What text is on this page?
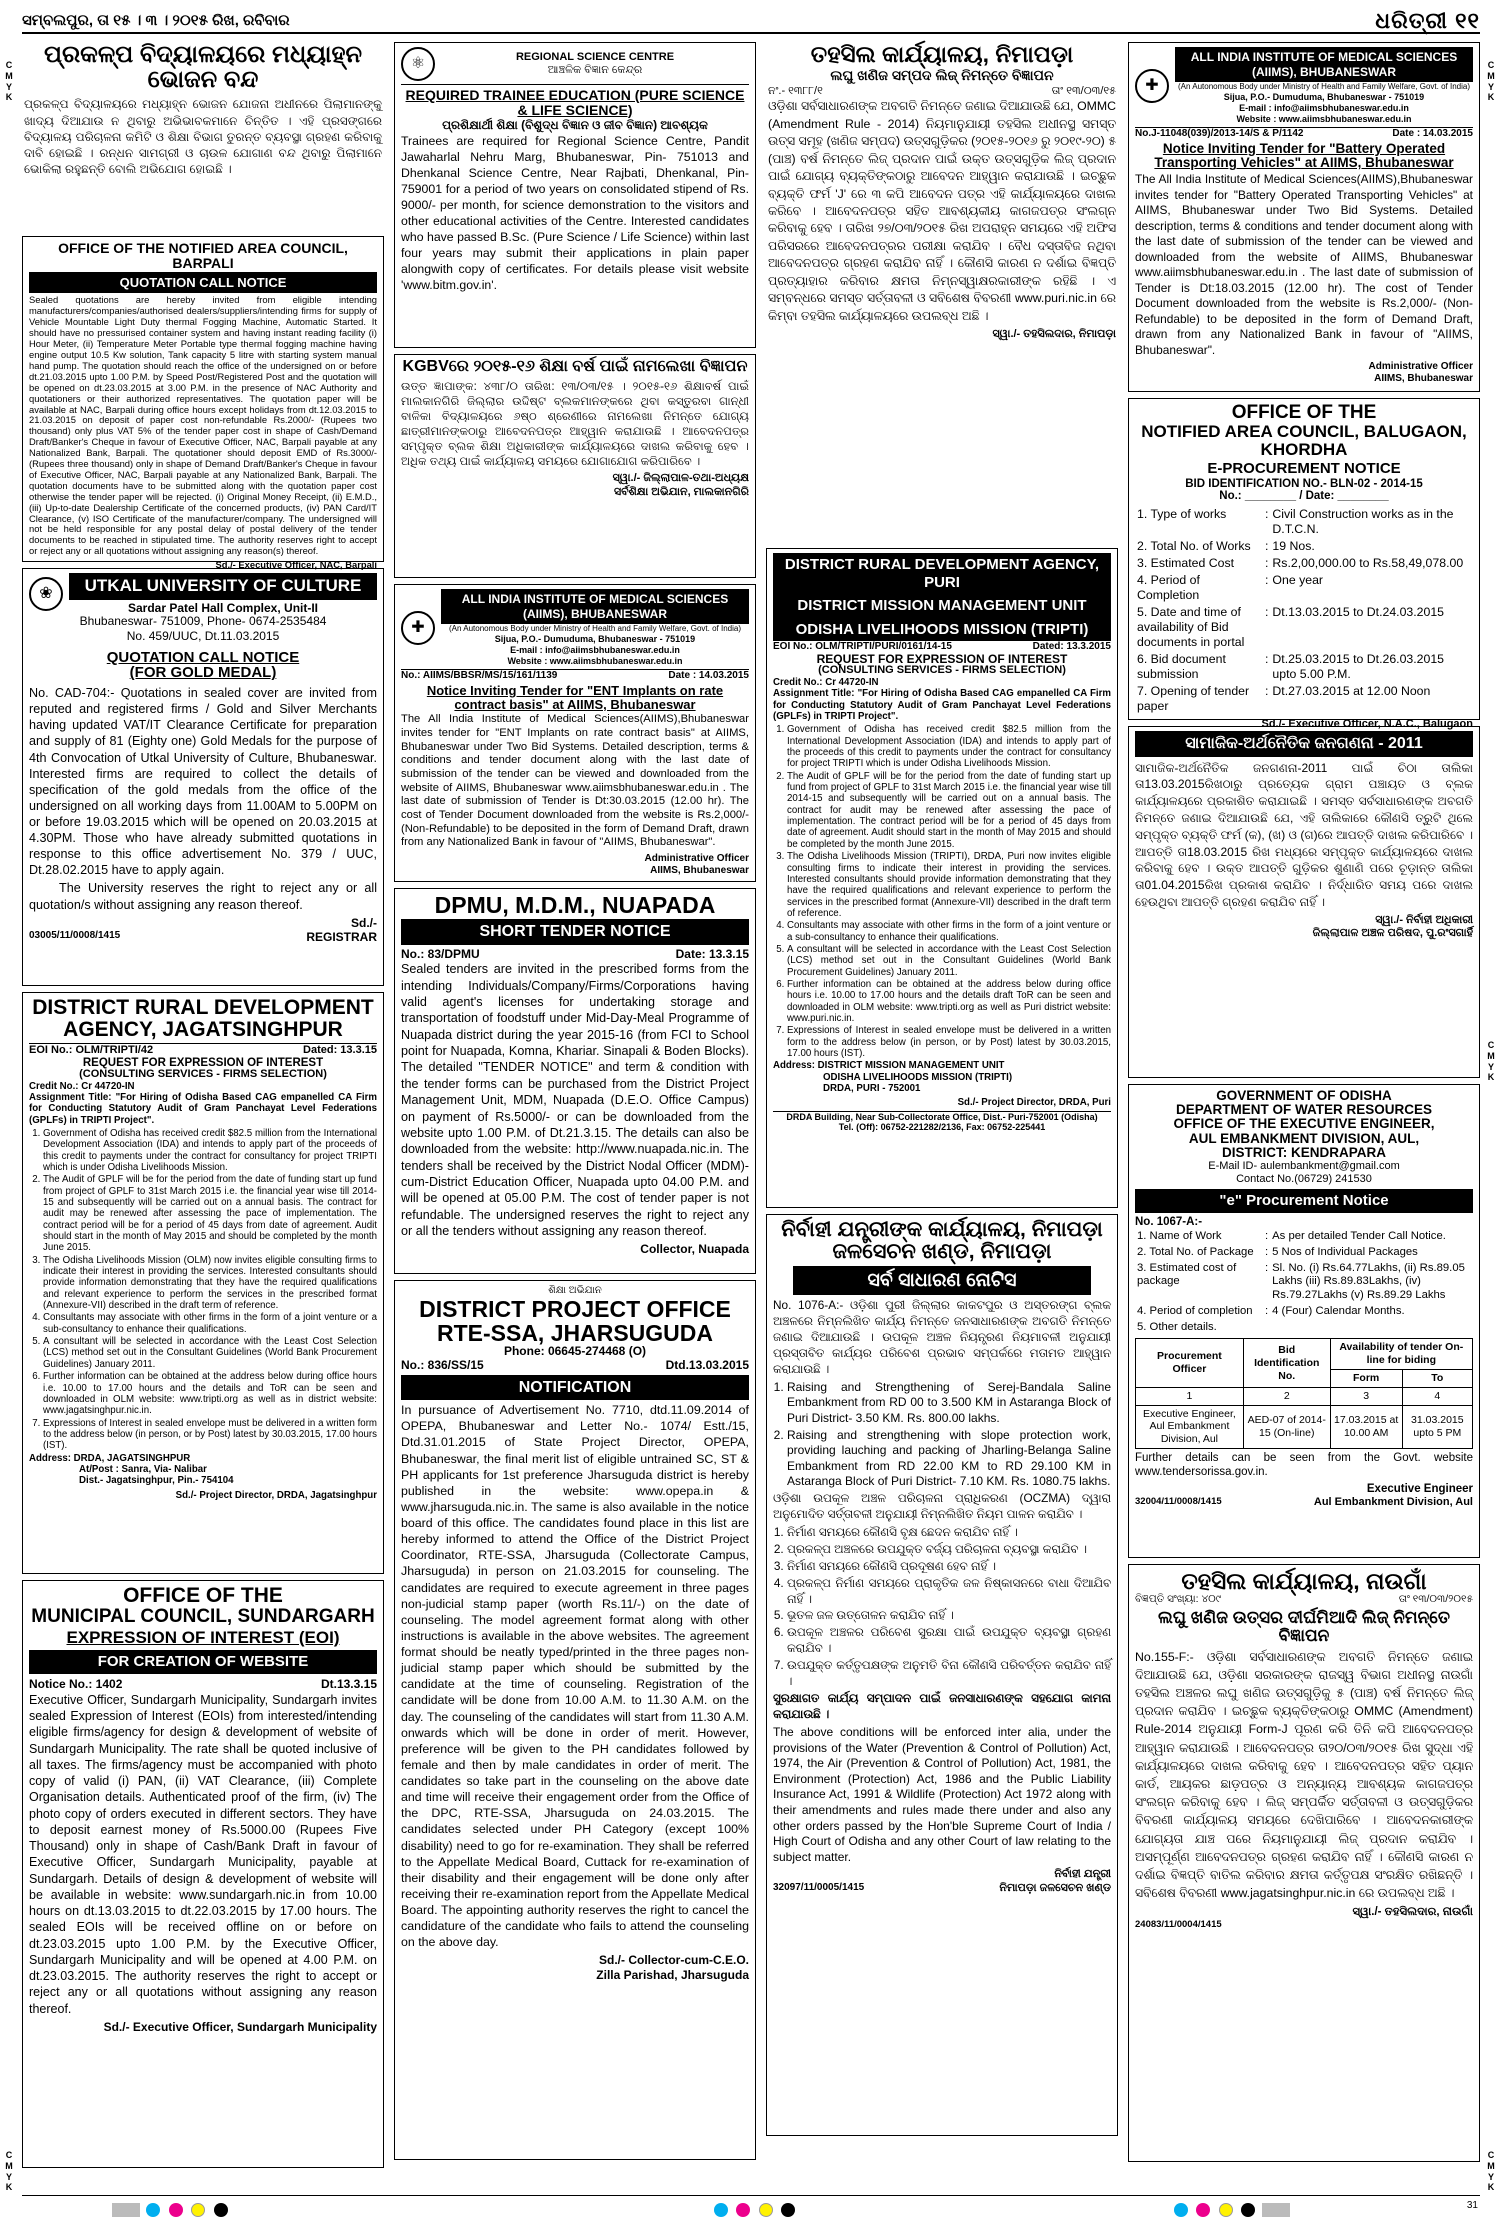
C
M
Y
K
C
M
Y
K
C
M
Y
K
C
M
Y
K
C
M
Y
K
ସମ୍ବଲପୁର, ତା ୧୫ । ୩ । ୨୦୧୫ ରିଖ, ରବିବାର	ଧରିତ୍ରୀ ୧୧
ପ୍ରକଳ୍ପ ବିଦ୍ୟାଳୟରେ ମଧ୍ୟାହ୍ନ ଭୋଜନ ବନ୍ଦ

ପ୍ରକଳ୍ପ ବିଦ୍ୟାଳୟରେ ମଧ୍ୟାହ୍ନ ଭୋଜନ ଯୋଜନା ଅଧୀନରେ ପିଲାମାନଙ୍କୁ ଖାଦ୍ୟ ଦିଆଯାଉ ନ ଥିବାରୁ ଅଭିଭାବକମାନେ ଚିନ୍ତିତ । ଏହି ପ୍ରସଙ୍ଗରେ ବିଦ୍ୟାଳୟ ପରିଚାଳନା କମିଟି ଓ ଶିକ୍ଷା ବିଭାଗ ତୁରନ୍ତ ବ୍ୟବସ୍ଥା ଗ୍ରହଣ କରିବାକୁ ଦାବି ହୋଇଛି । ରନ୍ଧନ ସାମଗ୍ରୀ ଓ ଚାଉଳ ଯୋଗାଣ ବନ୍ଦ ଥିବାରୁ ପିଲାମାନେ ଭୋକିଲା ରହୁଛନ୍ତି ବୋଲି ଅଭିଯୋଗ ହୋଇଛି ।

OFFICE OF THE NOTIFIED AREA COUNCIL, BARPALI
QUOTATION CALL NOTICE

Sealed quotations are hereby invited from eligible intending manufacturers/companies/authorised dealers/suppliers/intending firms for supply of Vehicle Mountable Light Duty thermal Fogging Machine, Automatic Started. It should have no pressurised container system and having instant reading facility (i) Hour Meter, (ii) Temperature Meter Portable type thermal fogging machine having engine output 10.5 Kw solution, Tank capacity 5 litre with starting system manual hand pump. The quotation should reach the office of the undersigned on or before dt.21.03.2015 upto 1.00 P.M. by Speed Post/Registered Post and the quotation will be opened on dt.23.03.2015 at 3.00 P.M. in the presence of NAC Authority and quotationers or their authorized representatives. The quotation paper will be available at NAC, Barpali during office hours except holidays from dt.12.03.2015 to 21.03.2015 on deposit of paper cost non-refundable Rs.2000/- (Rupees two thousand) only plus VAT 5% of the tender paper cost in shape of Cash/Demand Draft/Banker's Cheque in favour of Executive Officer, NAC, Barpali payable at any Nationalized Bank, Barpali. The quotationer should deposit EMD of Rs.3000/- (Rupees three thousand) only in shape of Demand Draft/Banker's Cheque in favour of Executive Officer, NAC, Barpali payable at any Nationalized Bank, Barpali. The quotation documents have to be submitted along with the quotation paper cost otherwise the tender paper will be rejected. (i) Original Money Receipt, (ii) E.M.D., (iii) Up-to-date Dealership Certificate of the concerned products, (iv) PAN Card/IT Clearance, (v) ISO Certificate of the manufacturer/company. The undersigned will not be held responsible for any postal delay of postal delivery of the tender documents to be reached in stipulated time. The authority reserves right to accept or reject any or all quotations without assigning any reason(s) thereof.

Sd./- Executive Officer, NAC, Barpali
❀	UTKAL UNIVERSITY OF CULTURE
Sardar Patel Hall Complex, Unit-II
Bhubaneswar- 751009, Phone- 0674-2535484
No. 459/UUC, Dt.11.03.2015
QUOTATION CALL NOTICE
(FOR GOLD MEDAL)

No. CAD-704:- Quotations in sealed cover are invited from reputed and registered firms / Gold and Silver Merchants having updated VAT/IT Clearance Certificate for preparation and supply of 81 (Eighty one) Gold Medals for the purpose of 4th Convocation of Utkal University of Culture, Bhubaneswar. Interested firms are required to collect the details of specification of the gold medals from the office of the undersigned on all working days from 11.00AM to 5.00PM on or before 19.03.2015 which will be opened on 20.03.2015 at 4.30PM. Those who have already submitted quotations in response to this office advertisement No. 379 / UUC, Dt.28.02.2015 have to apply again.

The University reserves the right to reject any or all quotation/s without assigning any reason thereof.

Sd./-
03005/11/0008/1415	REGISTRAR
DISTRICT RURAL DEVELOPMENT
AGENCY, JAGATSINGHPUR
EOI No.: OLM/TRIPTI/42	Dated: 13.3.15
REQUEST FOR EXPRESSION OF INTEREST
(CONSULTING SERVICES - FIRMS SELECTION)
Credit No.: Cr 44720-IN

Assignment Title: "For Hiring of Odisha Based CAG empanelled CA Firm for Conducting Statutory Audit of Gram Panchayat Level Federations (GPLFs) in TRIPTI Project".

1. Government of Odisha has received credit $82.5 million from the International Development Association (IDA) and intends to apply part of the proceeds of this credit to payments under the contract for consultancy for project TRIPTI which is under Odisha Livelihoods Mission.
2. The Audit of GPLF will be for the period from the date of funding start up fund from project of GPLF to 31st March 2015 i.e. the financial year wise till 2014-15 and subsequently will be carried out on a annual basis. The contract for audit may be renewed after assessing the pace of implementation. The contract period will be for a period of 45 days from date of agreement. Audit should start in the month of May 2015 and should be completed by the month June 2015.
3. The Odisha Livelihoods Mission (OLM) now invites eligible consulting firms to indicate their interest in providing the services. Interested consultants should provide information demonstrating that they have the required qualifications and relevant experience to perform the services in the prescribed format (Annexure-VII) described in the draft term of reference.
4. Consultants may associate with other firms in the form of a joint venture or a sub-consultancy to enhance their qualifications.
5. A consultant will be selected in accordance with the Least Cost Selection (LCS) method set out in the Consultant Guidelines (World Bank Procurement Guidelines) January 2011.
6. Further information can be obtained at the address below during office hours i.e. 10.00 to 17.00 hours and the details and ToR can be seen and downloaded in OLM website: www.tripti.org as well as in district website: www.jagatsinghpur.nic.in.
7. Expressions of Interest in sealed envelope must be delivered in a written form to the address below (in person, or by Post) latest by 30.03.2015, 17.00 hours (IST).
Address: DRDA, JAGATSINGHPUR
At/Post : Sanra, Via- Nalibar
Dist.- Jagatsinghpur, Pin.- 754104
Sd./- Project Director, DRDA, Jagatsinghpur
OFFICE OF THE
MUNICIPAL COUNCIL, SUNDARGARH
EXPRESSION OF INTEREST (EOI)
FOR CREATION OF WEBSITE
Notice No.: 1402	Dt.13.3.15

Executive Officer, Sundargarh Municipality, Sundargarh invites sealed Expression of Interest (EOIs) from interested/intending eligible firms/agency for design & development of website of Sundargarh Municipality. The rate shall be quoted inclusive of all taxes. The firms/agency must be accompanied with photo copy of valid (i) PAN, (ii) VAT Clearance, (iii) Complete Organisation details. Authenticated proof of the firm, (iv) The photo copy of orders executed in different sectors. They have to deposit earnest money of Rs.5000.00 (Rupees Five Thousand) only in shape of Cash/Bank Draft in favour of Executive Officer, Sundargarh Municipality, payable at Sundargarh. Details of design & development of website will be available in website: www.sundargarh.nic.in from 10.00 hours on dt.13.03.2015 to dt.22.03.2015 by 17.00 hours. The sealed EOIs will be received offline on or before on dt.23.03.2015 upto 1.00 P.M. by the Executive Officer, Sundargarh Municipality and will be opened at 4.00 P.M. on dt.23.03.2015. The authority reserves the right to accept or reject any or all quotations without assigning any reason thereof.

Sd./- Executive Officer, Sundargarh Municipality
⚛	REGIONAL SCIENCE CENTRE
ଆଞ୍ଚଳିକ ବିଜ୍ଞାନ କେନ୍ଦ୍ର
REQUIRED TRAINEE EDUCATION (PURE SCIENCE & LIFE SCIENCE)
ପ୍ରଶିକ୍ଷାର୍ଥୀ ଶିକ୍ଷା (ବିଶୁଦ୍ଧ ବିଜ୍ଞାନ ଓ ଜୀବ ବିଜ୍ଞାନ) ଆବଶ୍ୟକ

Trainees are required for Regional Science Centre, Pandit Jawaharlal Nehru Marg, Bhubaneswar, Pin- 751013 and Dhenkanal Science Centre, Near Rajbati, Dhenkanal, Pin- 759001 for a period of two years on consolidated stipend of Rs. 9000/- per month, for science demonstration to the visitors and other educational activities of the Centre. Interested candidates who have passed B.Sc. (Pure Science / Life Science) within last four years may submit their applications in plain paper alongwith copy of certificates. For details please visit website 'www.bitm.gov.in'.

KGBVରେ ୨୦୧୫-୧୬ ଶିକ୍ଷା ବର୍ଷ ପାଇଁ ନାମଲେଖା ବିଜ୍ଞାପନ

ଉତ୍ତ ଜ୍ଞାପାଙ୍କ: ୪୩୮/୦ ତାରିଖ: ୧୩/୦୩/୧୫ । ୨୦୧୫-୧୬ ଶିକ୍ଷାବର୍ଷ ପାଇଁ ମାଲକାନଗିରି ଜିଲ୍ଲାର ଉଦ୍ଦିଷ୍ଟ ବ୍ଲକମାନଙ୍କରେ ଥିବା କସ୍ତୁରବା ଗାନ୍ଧୀ ବାଳିକା ବିଦ୍ୟାଳୟରେ ୬ଷ୍ଠ ଶ୍ରେଣୀରେ ନାମଲେଖା ନିମନ୍ତେ ଯୋଗ୍ୟ ଛାତ୍ରୀମାନଙ୍କଠାରୁ ଆବେଦନପତ୍ର ଆହ୍ୱାନ କରାଯାଉଛି । ଆବେଦନପତ୍ର ସମ୍ପୃକ୍ତ ବ୍ଲକ ଶିକ୍ଷା ଅଧିକାରୀଙ୍କ କାର୍ଯ୍ୟାଳୟରେ ଦାଖଲ କରିବାକୁ ହେବ । ଅଧିକ ତଥ୍ୟ ପାଇଁ କାର୍ଯ୍ୟାଳୟ ସମୟରେ ଯୋଗାଯୋଗ କରିପାରିବେ ।

ସ୍ୱା./- ଜିଲ୍ଲାପାଳ-ତଥା-ଅଧ୍ୟକ୍ଷ
ସର୍ବଶିକ୍ଷା ଅଭିଯାନ, ମାଲକାନଗିରି
✚
ALL INDIA INSTITUTE OF MEDICAL SCIENCES (AIIMS), BHUBANESWAR
(An Autonomous Body under Ministry of Health and Family Welfare, Govt. of India)
Sijua, P.O.- Dumuduma, Bhubaneswar - 751019
E-mail : info@aiimsbhubaneswar.edu.in
Website : www.aiimsbhubaneswar.edu.in
No.: AIIMS/BBSR/MS/15/161/1139	Date : 14.03.2015
Notice Inviting Tender for "ENT Implants on rate contract basis" at AIIMS, Bhubaneswar

The All India Institute of Medical Sciences(AIIMS),Bhubaneswar invites tender for "ENT Implants on rate contract basis" at AIIMS, Bhubaneswar under Two Bid Systems. Detailed description, terms & conditions and tender document along with the last date of submission of the tender can be viewed and downloaded from the website of AIIMS, Bhubaneswar www.aiimsbhubaneswar.edu.in . The last date of submission of Tender is Dt:30.03.2015 (12.00 hr). The cost of Tender Document downloaded from the website is Rs.2,000/- (Non-Refundable) to be deposited in the form of Demand Draft, drawn from any Nationalized Bank in favour of "AIIMS, Bhubaneswar".

Administrative Officer
AIIMS, Bhubaneswar
DPMU, M.D.M., NUAPADA
SHORT TENDER NOTICE
No.: 83/DPMU	Date: 13.3.15

Sealed tenders are invited in the prescribed forms from the intending Individuals/Company/Firms/Corporations having valid agent's licenses for undertaking storage and transportation of foodstuff under Mid-Day-Meal Programme of Nuapada district during the year 2015-16 (from FCI to School point for Nuapada, Komna, Khariar. Sinapali & Boden Blocks). The detailed "TENDER NOTICE" and term & condition with the tender forms can be purchased from the District Project Management Unit, MDM, Nuapada (D.E.O. Office Campus) on payment of Rs.5000/- or can be downloaded from the website upto 1.00 P.M. of Dt.21.3.15. The details can also be downloaded from the website: http://www.nuapada.nic.in. The tenders shall be received by the District Nodal Officer (MDM)-cum-District Education Officer, Nuapada upto 04.00 P.M. and will be opened at 05.00 P.M. The cost of tender paper is not refundable. The undersigned reserves the right to reject any or all the tenders without assigning any reason thereof.

Collector, Nuapada
ଶିକ୍ଷା ଅଭିଯାନ
DISTRICT PROJECT OFFICE
RTE-SSA, JHARSUGUDA
Phone: 06645-274468 (O)
No.: 836/SS/15	Dtd.13.03.2015
NOTIFICATION

In pursuance of Advertisement No. 7710, dtd.11.09.2014 of OPEPA, Bhubaneswar and Letter No.- 1074/ Estt./15, Dtd.31.01.2015 of State Project Director, OPEPA, Bhubaneswar, the final merit list of eligible untrained SC, ST & PH applicants for 1st preference Jharsuguda district is hereby published in the website: www.opepa.in & www.jharsuguda.nic.in. The same is also available in the notice board of this office. The candidates found place in this list are hereby informed to attend the Office of the District Project Coordinator, RTE-SSA, Jharsuguda (Collectorate Campus, Jharsuguda) in person on 21.03.2015 for counseling. The candidates are required to execute agreement in three pages non-judicial stamp paper (worth Rs.11/-) on the date of counseling. The model agreement format along with other instructions is available in the above websites. The agreement format should be neatly typed/printed in the three pages non-judicial stamp paper which should be submitted by the candidate at the time of counseling. Registration of the candidate will be done from 10.00 A.M. to 11.30 A.M. on the day. The counseling of the candidates will start from 11.30 A.M. onwards which will be done in order of merit. However, preference will be given to the PH candidates followed by female and then by male candidates in order of merit. The candidates so take part in the counseling on the above date and time will receive their engagement order from the Office of the DPC, RTE-SSA, Jharsuguda on 24.03.2015. The candidates selected under PH Category (except 100% disability) need to go for re-examination. They shall be referred to the Appellate Medical Board, Cuttack for re-examination of their disability and their engagement will be done only after receiving their re-examination report from the Appellate Medical Board. The appointing authority reserves the right to cancel the candidature of the candidate who fails to attend the counseling on the above day.

Sd./- Collector-cum-C.E.O.
Zilla Parishad, Jharsuguda
ତହସିଲ କାର୍ଯ୍ୟାଳୟ, ନିମାପଡ଼ା
ଲଘୁ ଖଣିଜ ସମ୍ପଦ ଲିଜ୍ ନିମନ୍ତେ ବିଜ୍ଞାପନ
ନଂ.- ୧୩୮୮/୧	ତାଂ ୧୩/୦୩/୧୫

ଓଡ଼ିଶା ସର୍ବସାଧାରଣଙ୍କ ଅବଗତି ନିମନ୍ତେ ଜଣାଇ ଦିଆଯାଉଛି ଯେ, OMMC (Amendment Rule - 2014) ନିୟମାନୁଯାୟୀ ତହସିଲ ଅଧୀନସ୍ଥ ସମସ୍ତ ଉତ୍ସ ସମୂହ (ଖଣିଜ ସମ୍ପଦ) ଉତ୍ସଗୁଡ଼ିକର (୨୦୧୫-୨୦୧୬ ରୁ ୨୦୧୯-୨୦) ୫ (ପାଞ୍ଚ) ବର୍ଷ ନିମନ୍ତେ ଲିଜ୍ ପ୍ରଦାନ ପାଇଁ ଉକ୍ତ ଉତ୍ସଗୁଡ଼ିକ ଲିଜ୍ ପ୍ରଦାନ ପାଇଁ ଯୋଗ୍ୟ ବ୍ୟକ୍ତିଙ୍କଠାରୁ ଆବେଦନ ଆହ୍ୱାନ କରାଯାଉଛି । ଇଚ୍ଛୁକ ବ୍ୟକ୍ତି ଫର୍ମ 'J' ରେ ୩ କପି ଆବେଦନ ପତ୍ର ଏହି କାର୍ଯ୍ୟାଳୟରେ ଦାଖଲ କରିବେ । ଆବେଦନପତ୍ର ସହିତ ଆବଶ୍ୟକୀୟ କାଗଜପତ୍ର ସଂଲଗ୍ନ କରିବାକୁ ହେବ । ତାରିଖ ୨୭/୦୩/୨୦୧୫ ରିଖ ଅପରାହ୍ନ ସମୟରେ ଏହି ଅଫିସ ପରିସରରେ ଆବେଦନପତ୍ରର ପରୀକ୍ଷା କରାଯିବ । ବୈଧ ଦସ୍ତାବିଜ ନଥିବା ଆବେଦନପତ୍ର ଗ୍ରହଣ କରାଯିବ ନାହିଁ । କୌଣସି କାରଣ ନ ଦର୍ଶାଇ ବିଜ୍ଞପ୍ତି ପ୍ରତ୍ୟାହାର କରିବାର କ୍ଷମତା ନିମ୍ନସ୍ୱାକ୍ଷରକାରୀଙ୍କ ରହିଛି । ଏ ସମ୍ବନ୍ଧରେ ସମସ୍ତ ସର୍ତ୍ତାବଳୀ ଓ ସବିଶେଷ ବିବରଣୀ www.puri.nic.in ରେ କିମ୍ବା ତହସିଲ କାର୍ଯ୍ୟାଳୟରେ ଉପଲବ୍ଧ ଅଛି ।

ସ୍ୱା./- ତହସିଲଦାର, ନିମାପଡ଼ା
DISTRICT RURAL DEVELOPMENT AGENCY, PURI
DISTRICT MISSION MANAGEMENT UNIT
ODISHA LIVELIHOODS MISSION (TRIPTI)
EOI No.: OLM/TRIPTI/PURI/0161/14-15	Dated: 13.3.2015
REQUEST FOR EXPRESSION OF INTEREST
(CONSULTING SERVICES - FIRMS SELECTION)
Credit No.: Cr 44720-IN

Assignment Title: "For Hiring of Odisha Based CAG empanelled CA Firm for Conducting Statutory Audit of Gram Panchayat Level Federations (GPLFs) in TRIPTI Project".

1. Government of Odisha has received credit $82.5 million from the International Development Association (IDA) and intends to apply part of the proceeds of this credit to payments under the contract for consultancy for project TRIPTI which is under Odisha Livelihoods Mission.
2. The Audit of GPLF will be for the period from the date of funding start up fund from project of GPLF to 31st March 2015 i.e. the financial year wise till 2014-15 and subsequently will be carried out on a annual basis. The contract for audit may be renewed after assessing the pace of implementation. The contract period will be for a period of 45 days from date of agreement. Audit should start in the month of May 2015 and should be completed by the month June 2015.
3. The Odisha Livelihoods Mission (TRIPTI), DRDA, Puri now invites eligible consulting firms to indicate their interest in providing the services. Interested consultants should provide information demonstrating that they have the required qualifications and relevant experience to perform the services in the prescribed format (Annexure-VII) described in the draft term of reference.
4. Consultants may associate with other firms in the form of a joint venture or a sub-consultancy to enhance their qualifications.
5. A consultant will be selected in accordance with the Least Cost Selection (LCS) method set out in the Consultant Guidelines (World Bank Procurement Guidelines) January 2011.
6. Further information can be obtained at the address below during office hours i.e. 10.00 to 17.00 hours and the details draft ToR can be seen and downloaded in OLM website: www.tripti.org as well as Puri district website: www.puri.nic.in.
7. Expressions of Interest in sealed envelope must be delivered in a written form to the address below (in person, or by Post) latest by 30.03.2015, 17.00 hours (IST).
Address: DISTRICT MISSION MANAGEMENT UNIT
ODISHA LIVELIHOODS MISSION (TRIPTI)
DRDA, PURI - 752001
Sd./- Project Director, DRDA, Puri
DRDA Building, Near Sub-Collectorate Office, Dist.- Puri-752001 (Odisha)
Tel. (Off): 06752-221282/2136, Fax: 06752-225441
ନିର୍ବାହୀ ଯନ୍ତ୍ରୀଙ୍କ କାର୍ଯ୍ୟାଳୟ, ନିମାପଡ଼ା
ଜଳସେଚନ ଖଣ୍ଡ, ନିମାପଡ଼ା
ସର୍ବ ସାଧାରଣ ନୋଟିସ

No. 1076-A:- ଓଡ଼ିଶା ପୁରୀ ଜିଲ୍ଲାର କାକଟପୁର ଓ ଅସ୍ତରଙ୍ଗ ବ୍ଲକ ଅଞ୍ଚଳରେ ନିମ୍ନଲିଖିତ କାର୍ଯ୍ୟ ନିମନ୍ତେ ଜନସାଧାରଣଙ୍କ ଅବଗତି ନିମନ୍ତେ ଜଣାଇ ଦିଆଯାଉଛି । ଉପକୂଳ ଅଞ୍ଚଳ ନିୟନ୍ତ୍ରଣ ନିୟମାବଳୀ ଅନୁଯାୟୀ ପ୍ରସ୍ତାବିତ କାର୍ଯ୍ୟର ପରିବେଶ ପ୍ରଭାବ ସମ୍ପର୍କରେ ମତାମତ ଆହ୍ୱାନ କରାଯାଉଛି ।

1. Raising and Strengthening of Serej-Bandala Saline Embankment from RD 00 to 3.500 KM in Astaranga Block of Puri District- 3.50 KM. Rs. 800.00 lakhs.
2. Raising and strengthening with slope protection work, providing lauching and packing of Jharling-Belanga Saline Embankment from RD 22.00 KM to RD 29.100 KM in Astaranga Block of Puri District- 7.10 KM. Rs. 1080.75 lakhs.

ଓଡ଼ିଶା ଉପକୂଳ ଅଞ୍ଚଳ ପରିଚାଳନା ପ୍ରାଧିକରଣ (OCZMA) ଦ୍ୱାରା ଅନୁମୋଦିତ ସର୍ତ୍ତାବଳୀ ଅନୁଯାୟୀ ନିମ୍ନଲିଖିତ ନିୟମ ପାଳନ କରାଯିବ ।

1. ନିର୍ମାଣ ସମୟରେ କୌଣସି ବୃକ୍ଷ ଛେଦନ କରାଯିବ ନାହିଁ ।
2. ପ୍ରକଳ୍ପ ଅଞ୍ଚଳରେ ଉପଯୁକ୍ତ ବର୍ଜ୍ୟ ପରିଚାଳନା ବ୍ୟବସ୍ଥା କରାଯିବ ।
3. ନିର୍ମାଣ ସମୟରେ କୌଣସି ପ୍ରଦୂଷଣ ହେବ ନାହିଁ ।
4. ପ୍ରକଳ୍ପ ନିର୍ମାଣ ସମୟରେ ପ୍ରାକୃତିକ ଜଳ ନିଷ୍କାସନରେ ବାଧା ଦିଆଯିବ ନାହିଁ ।
5. ଭୂତଳ ଜଳ ଉତ୍ତୋଳନ କରାଯିବ ନାହିଁ ।
6. ଉପକୂଳ ଅଞ୍ଚଳର ପରିବେଶ ସୁରକ୍ଷା ପାଇଁ ଉପଯୁକ୍ତ ବ୍ୟବସ୍ଥା ଗ୍ରହଣ କରାଯିବ ।
7. ଉପଯୁକ୍ତ କର୍ତ୍ତୃପକ୍ଷଙ୍କ ଅନୁମତି ବିନା କୌଣସି ପରିବର୍ତ୍ତନ କରାଯିବ ନାହିଁ ।

ସୁରକ୍ଷାଗତ କାର୍ଯ୍ୟ ସମ୍ପାଦନ ପାଇଁ ଜନସାଧାରଣଙ୍କ ସହଯୋଗ କାମନା କରାଯାଉଛି ।

The above conditions will be enforced inter alia, under the provisions of the Water (Prevention & Control of Pollution) Act, 1974, the Air (Prevention & Control of Pollution) Act, 1981, the Environment (Protection) Act, 1986 and the Public Liability Insurance Act, 1991 & Wildlife (Protection) Act 1972 along with their amendments and rules made there under and also any other orders passed by the Hon'ble Supreme Court of India / High Court of Odisha and any other Court of law relating to the subject matter.

ନିର୍ବାହୀ ଯନ୍ତ୍ରୀ
32097/11/0005/1415	ନିମାପଡ଼ା ଜଳସେଚନ ଖଣ୍ଡ
✚
ALL INDIA INSTITUTE OF MEDICAL SCIENCES (AIIMS), BHUBANESWAR
(An Autonomous Body under Ministry of Health and Family Welfare, Govt. of India)
Sijua, P.O.- Dumuduma, Bhubaneswar - 751019
E-mail : info@aiimsbhubaneswar.edu.in
Website : www.aiimsbhubaneswar.edu.in
No.J-11048(039)/2013-14/S & P/1142	Date : 14.03.2015
Notice Inviting Tender for "Battery Operated Transporting Vehicles" at AIIMS, Bhubaneswar

The All India Institute of Medical Sciences(AIIMS),Bhubaneswar invites tender for "Battery Operated Transporting Vehicles" at AIIMS, Bhubaneswar under Two Bid Systems. Detailed description, terms & conditions and tender document along with the last date of submission of the tender can be viewed and downloaded from the website of AIIMS, Bhubaneswar www.aiimsbhubaneswar.edu.in . The last date of submission of Tender is Dt:18.03.2015 (12.00 hr). The cost of Tender Document downloaded from the website is Rs.2,000/- (Non-Refundable) to be deposited in the form of Demand Draft, drawn from any Nationalized Bank in favour of "AIIMS, Bhubaneswar".

Administrative Officer
AIIMS, Bhubaneswar
OFFICE OF THE
NOTIFIED AREA COUNCIL, BALUGAON, KHORDHA
E-PROCUREMENT NOTICE
BID IDENTIFICATION NO.- BLN-02 - 2014-15
No.: ________ / Date: ________
1. Type of works	:	Civil Construction works as in the D.T.C.N.
2. Total No. of Works	:	19 Nos.
3. Estimated Cost	:	Rs.2,00,000.00 to Rs.58,49,078.00
4. Period of Completion	:	One year
5. Date and time of availability of Bid documents in portal	:	Dt.13.03.2015 to Dt.24.03.2015
6. Bid document submission	:	Dt.25.03.2015 to Dt.26.03.2015 upto 5.00 P.M.
7. Opening of tender paper	:	Dt.27.03.2015 at 12.00 Noon
Sd./- Executive Officer, N.A.C., Balugaon
ସାମାଜିକ-ଅର୍ଥନୈତିକ ଜନଗଣନା - 2011

ସାମାଜିକ-ଅର୍ଥନୈତିକ ଜନଗଣନା-2011 ପାଇଁ ଚିଠା ତାଲିକା ତା13.03.2015ରିଖଠାରୁ ପ୍ରତ୍ୟେକ ଗ୍ରାମ ପଞ୍ଚାୟତ ଓ ବ୍ଲକ କାର୍ଯ୍ୟାଳୟରେ ପ୍ରକାଶିତ କରାଯାଇଛି । ସମସ୍ତ ସର୍ବସାଧାରଣଙ୍କ ଅବଗତି ନିମନ୍ତେ ଜଣାଇ ଦିଆଯାଉଛି ଯେ, ଏହି ତାଲିକାରେ କୌଣସି ତ୍ରୁଟି ଥିଲେ ସମ୍ପୃକ୍ତ ବ୍ୟକ୍ତି ଫର୍ମ (କ), (ଖ) ଓ (ଗ)ରେ ଆପତ୍ତି ଦାଖଲ କରିପାରିବେ । ଆପତ୍ତି ତା18.03.2015 ରିଖ ମଧ୍ୟରେ ସମ୍ପୃକ୍ତ କାର୍ଯ୍ୟାଳୟରେ ଦାଖଲ କରିବାକୁ ହେବ । ଉକ୍ତ ଆପତ୍ତି ଗୁଡ଼ିକର ଶୁଣାଣି ପରେ ଚୂଡ଼ାନ୍ତ ତାଲିକା ତା01.04.2015ରିଖ ପ୍ରକାଶ କରାଯିବ । ନିର୍ଦ୍ଧାରିତ ସମୟ ପରେ ଦାଖଲ ହେଉଥିବା ଆପତ୍ତି ଗ୍ରହଣ କରାଯିବ ନାହିଁ ।

ସ୍ୱା./- ନିର୍ବାହୀ ଅଧିକାରୀ
ଜିଲ୍ଲାପାଳ ଅଞ୍ଚଳ ପରିଷଦ, ପୁ.ରଂସଗାର୍ହି
GOVERNMENT OF ODISHA
DEPARTMENT OF WATER RESOURCES
OFFICE OF THE EXECUTIVE ENGINEER,
AUL EMBANKMENT DIVISION, AUL,
DISTRICT: KENDRAPARA
E-Mail ID- aulembankment@gmail.com
Contact No.(06729) 241530
"e" Procurement Notice
No. 1067-A:-
1. Name of Work	:	As per detailed Tender Call Notice.
2. Total No. of Package	:	5 Nos of Individual Packages
3. Estimated cost of package	:	Sl. No. (i) Rs.64.77Lakhs, (ii) Rs.89.05 Lakhs (iii) Rs.89.83Lakhs, (iv) Rs.79.27Lakhs (v) Rs.89.29 Lakhs
4. Period of completion	:	4 (Four) Calendar Months.
5. Other details.		
Procurement Officer	Bid Identification No.	Availability of tender On-line for biding	
		Form	To
1	2	3	4
Executive Engineer, Aul Embankment Division, Aul	AED-07 of 2014-15 (On-line)	17.03.2015 at 10.00 AM	31.03.2015 upto 5 PM

Further details can be seen from the Govt. website www.tendersorissa.gov.in.

Executive Engineer
32004/11/0008/1415	Aul Embankment Division, Aul
ତହସିଲ କାର୍ଯ୍ୟାଳୟ, ନାଉଗାଁ
ବିଜ୍ଞପ୍ତି ସଂଖ୍ୟା: ୪୦୯	ତାଂ ୧୩/୦୩/୨୦୧୫
ଲଘୁ ଖଣିଜ ଉତ୍ସର ଦୀର୍ଘମିଆଦି ଲିଜ୍ ନିମନ୍ତେ ବିଜ୍ଞାପନ

No.155-F:- ଓଡ଼ିଶା ସର୍ବସାଧାରଣଙ୍କ ଅବଗତି ନିମନ୍ତେ ଜଣାଇ ଦିଆଯାଉଛି ଯେ, ଓଡ଼ିଶା ସରକାରଙ୍କ ରାଜସ୍ୱ ବିଭାଗ ଅଧୀନସ୍ଥ ନାଉଗାଁ ତହସିଲ ଅଞ୍ଚଳର ଲଘୁ ଖଣିଜ ଉତ୍ସଗୁଡ଼ିକୁ ୫ (ପାଞ୍ଚ) ବର୍ଷ ନିମନ୍ତେ ଲିଜ୍ ପ୍ରଦାନ କରାଯିବ । ଇଚ୍ଛୁକ ବ୍ୟକ୍ତିଙ୍କଠାରୁ OMMC (Amendment) Rule-2014 ଅନୁଯାୟୀ Form-J ପୂରଣ କରି ତିନି କପି ଆବେଦନପତ୍ର ଆହ୍ୱାନ କରାଯାଉଛି । ଆବେଦନପତ୍ର ତା୨୦/୦୩/୨୦୧୫ ରିଖ ସୁଦ୍ଧା ଏହି କାର୍ଯ୍ୟାଳୟରେ ଦାଖଲ କରିବାକୁ ହେବ । ଆବେଦନପତ୍ର ସହିତ ପ୍ୟାନ କାର୍ଡ, ଆୟକର ଛାଡ଼ପତ୍ର ଓ ଅନ୍ୟାନ୍ୟ ଆବଶ୍ୟକ କାଗଜପତ୍ର ସଂଲଗ୍ନ କରିବାକୁ ହେବ । ଲିଜ୍ ସମ୍ପର୍କିତ ସର୍ତ୍ତାବଳୀ ଓ ଉତ୍ସଗୁଡ଼ିକର ବିବରଣୀ କାର୍ଯ୍ୟାଳୟ ସମୟରେ ଦେଖିପାରିବେ । ଆବେଦନକାରୀଙ୍କ ଯୋଗ୍ୟତା ଯାଞ୍ଚ ପରେ ନିୟମାନୁଯାୟୀ ଲିଜ୍ ପ୍ରଦାନ କରାଯିବ । ଅସମ୍ପୂର୍ଣ୍ଣ ଆବେଦନପତ୍ର ଗ୍ରହଣ କରାଯିବ ନାହିଁ । କୌଣସି କାରଣ ନ ଦର୍ଶାଇ ବିଜ୍ଞପ୍ତି ବାତିଲ କରିବାର କ୍ଷମତା କର୍ତ୍ତୃପକ୍ଷ ସଂରକ୍ଷିତ ରଖିଛନ୍ତି । ସବିଶେଷ ବିବରଣୀ www.jagatsinghpur.nic.in ରେ ଉପଲବ୍ଧ ଅଛି ।

ସ୍ୱା./- ତହସିଲଦାର, ନାଉଗାଁ
24083/11/0004/1415

31
